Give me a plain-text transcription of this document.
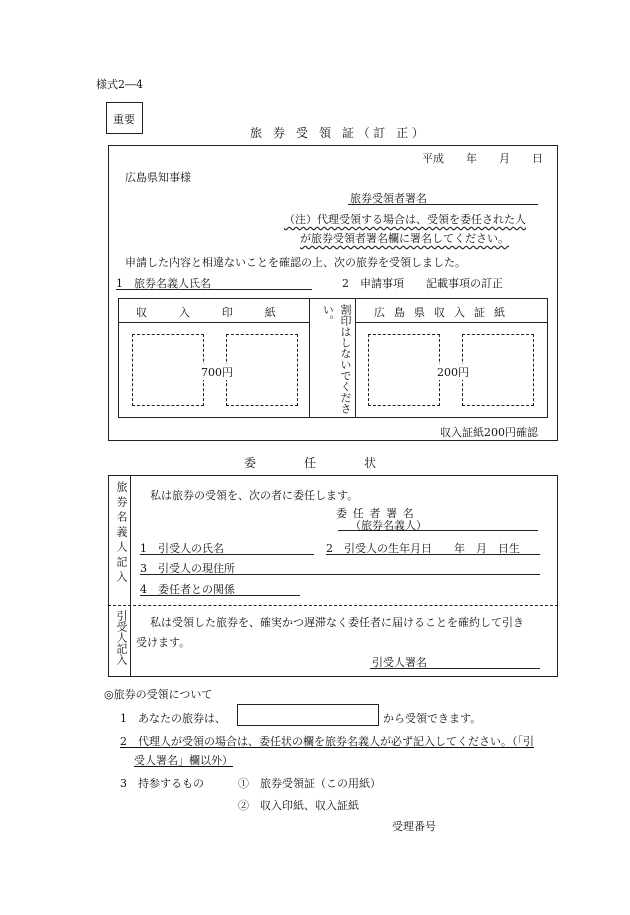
様式2―4
重要
旅 券 受 領 証（訂 正）
平成　　年　　月　　日
広島県知事様
旅券受領者署名
（注）代理受領する場合は、受領を委任された人
が旅券受領者署名欄に署名してください。
申請した内容と相違ないことを確認の上、次の旅券を受領しました。
1　旅券名義人氏名	2　申請事項　　記載事項の訂正
収　　入　　印　　紙	広 島 県 収 入 証 紙
割印はしないでください。
700円	200円
収入証紙200円確認
委　　　　任　　　　状
旅券名義人記入
引受人記入
私は旅券の受領を、次の者に委任します。
委 任 者 署 名
（旅券名義人）
1　引受人の氏名	2　引受人の生年月日　　年　月　日生
3　引受人の現住所
4　委任者との関係
私は受領した旅券を、確実かつ遅滞なく委任者に届けることを確約して引き
受けます。
引受人署名
◎旅券の受領について
1　あなたの旅券は、	から受領できます。
2　代理人が受領の場合は、委任状の欄を旅券名義人が必ず記入してください。（「引
受人署名」欄以外）
3　持参するもの	①　旅券受領証（この用紙）
②　収入印紙、収入証紙
受理番号
